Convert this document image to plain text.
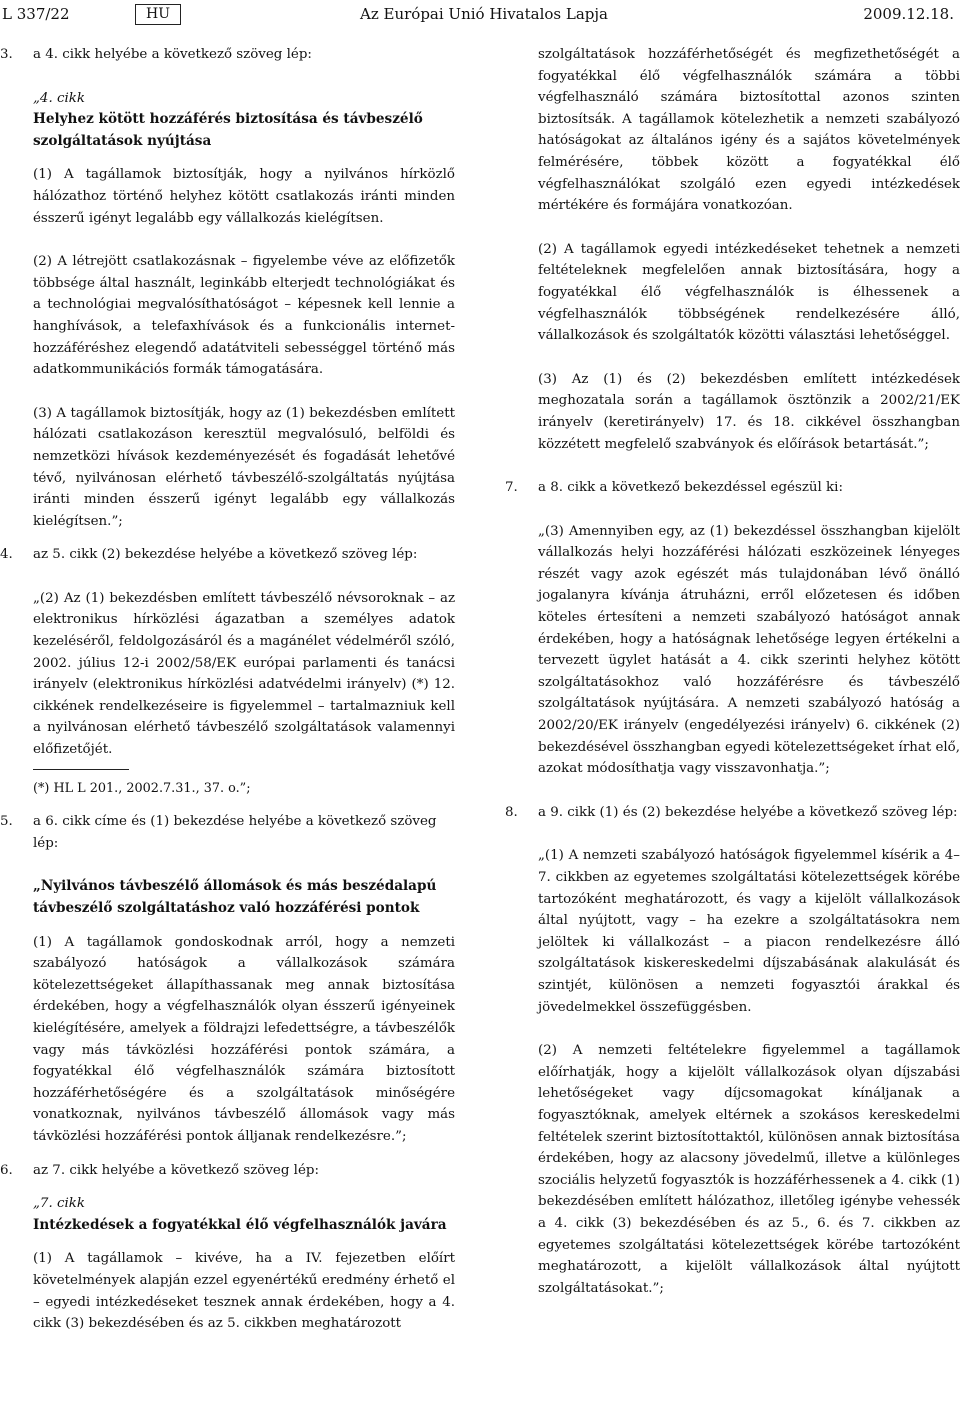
L 337/22	HU	Az Európai Unió Hivatalos Lapja	2009.12.18.
3.	a 4. cikk helyébe a következő szöveg lép:

„4. cikk

Helyhez kötött hozzáférés biztosítása és távbeszélő szolgáltatások nyújtása

(1) A tagállamok biztosítják, hogy a nyilvános hírközlő hálózathoz történő helyhez kötött csatlakozás iránti minden ésszerű igényt legalább egy vállalkozás kielégítsen.

(2) A létrejött csatlakozásnak – figyelembe véve az előfizetők többsége által használt, leginkább elterjedt technológiákat és a technológiai megvalósíthatóságot – képesnek kell lennie a hanghívások, a telefaxhívások és a funkcionális internet-hozzáféréshez elegendő adatátviteli sebességgel történő más adatkommunikációs formák támogatására.

(3) A tagállamok biztosítják, hogy az (1) bekezdésben említett hálózati csatlakozáson keresztül megvalósuló, belföldi és nemzetközi hívások kezdeményezését és fogadását lehetővé tévő, nyilvánosan elérhető távbeszélő-szolgáltatás nyújtása iránti minden ésszerű igényt legalább egy vállalkozás kielégítsen.”;

4.	az 5. cikk (2) bekezdése helyébe a következő szöveg lép:

„(2) Az (1) bekezdésben említett távbeszélő névsoroknak – az elektronikus hírközlési ágazatban a személyes adatok kezeléséről, feldolgozásáról és a magánélet védelméről szóló, 2002. július 12-i 2002/58/EK európai parlamenti és tanácsi irányelv (elektronikus hírközlési adatvédelmi irányelv) (*) 12. cikkének rendelkezéseire is figyelemmel – tartalmazniuk kell a nyilvánosan elérhető távbeszélő szolgáltatások valamennyi előfizetőjét.

(*) HL L 201., 2002.7.31., 37. o.”;

5.	a 6. cikk címe és (1) bekezdése helyébe a következő szöveg lép:

„Nyilvános távbeszélő állomások és más beszédalapú távbeszélő szolgáltatáshoz való hozzáférési pontok

(1) A tagállamok gondoskodnak arról, hogy a nemzeti szabályozó hatóságok a vállalkozások számára kötelezettségeket állapíthassanak meg annak biztosítása érdekében, hogy a végfelhasználók olyan ésszerű igényeinek kielégítésére, amelyek a földrajzi lefedettségre, a távbeszélők vagy más távközlési hozzáférési pontok számára, a fogyatékkal élő végfelhasználók számára biztosított hozzáférhetőségére és a szolgáltatások minőségére vonatkoznak, nyilvános távbeszélő állomások vagy más távközlési hozzáférési pontok álljanak rendelkezésre.”;

6.	az 7. cikk helyébe a következő szöveg lép:

„7. cikk

Intézkedések a fogyatékkal élő végfelhasználók javára

(1) A tagállamok – kivéve, ha a IV. fejezetben előírt követelmények alapján ezzel egyenértékű eredmény érhető el – egyedi intézkedéseket tesznek annak érdekében, hogy a 4. cikk (3) bekezdésében és az 5. cikkben meghatározott

szolgáltatások hozzáférhetőségét és megfizethetőségét a fogyatékkal élő végfelhasználók számára a többi végfelhasználó számára biztosítottal azonos szinten biztosítsák. A tagállamok kötelezhetik a nemzeti szabályozó hatóságokat az általános igény és a sajátos követelmények felmérésére, többek között a fogyatékkal élő végfelhasználókat szolgáló ezen egyedi intézkedések mértékére és formájára vonatkozóan.

(2) A tagállamok egyedi intézkedéseket tehetnek a nemzeti feltételeknek megfelelően annak biztosítására, hogy a fogyatékkal élő végfelhasználók is élhessenek a végfelhasználók többségének rendelkezésére álló, vállalkozások és szolgáltatók közötti választási lehetőséggel.

(3) Az (1) és (2) bekezdésben említett intézkedések meghozatala során a tagállamok ösztönzik a 2002/21/EK irányelv (keretirányelv) 17. és 18. cikkével összhangban közzétett megfelelő szabványok és előírások betartását.”;

7.	a 8. cikk a következő bekezdéssel egészül ki:

„(3) Amennyiben egy, az (1) bekezdéssel összhangban kijelölt vállalkozás helyi hozzáférési hálózati eszközeinek lényeges részét vagy azok egészét más tulajdonában lévő önálló jogalanyra kívánja átruházni, erről előzetesen és időben köteles értesíteni a nemzeti szabályozó hatóságot annak érdekében, hogy a hatóságnak lehetősége legyen értékelni a tervezett ügylet hatását a 4. cikk szerinti helyhez kötött szolgáltatásokhoz való hozzáférésre és távbeszélő szolgáltatások nyújtására. A nemzeti szabályozó hatóság a 2002/20/EK irányelv (engedélyezési irányelv) 6. cikkének (2) bekezdésével összhangban egyedi kötelezettségeket írhat elő, azokat módosíthatja vagy visszavonhatja.”;

8.	a 9. cikk (1) és (2) bekezdése helyébe a következő szöveg lép:

„(1) A nemzeti szabályozó hatóságok figyelemmel kísérik a 4–7. cikkben az egyetemes szolgáltatási kötelezettségek körébe tartozóként meghatározott, és vagy a kijelölt vállalkozások által nyújtott, vagy – ha ezekre a szolgáltatásokra nem jelöltek ki vállalkozást – a piacon rendelkezésre álló szolgáltatások kiskereskedelmi díjszabásának alakulását és szintjét, különösen a nemzeti fogyasztói árakkal és jövedelmekkel összefüggésben.

(2) A nemzeti feltételekre figyelemmel a tagállamok előírhatják, hogy a kijelölt vállalkozások olyan díjszabási lehetőségeket vagy díjcsomagokat kínáljanak a fogyasztóknak, amelyek eltérnek a szokásos kereskedelmi feltételek szerint biztosítottaktól, különösen annak biztosítása érdekében, hogy az alacsony jövedelmű, illetve a különleges szociális helyzetű fogyasztók is hozzáférhessenek a 4. cikk (1) bekezdésében említett hálózathoz, illetőleg igénybe vehessék a 4. cikk (3) bekezdésében és az 5., 6. és 7. cikkben az egyetemes szolgáltatási kötelezettségek körébe tartozóként meghatározott, a kijelölt vállalkozások által nyújtott szolgáltatásokat.”;
